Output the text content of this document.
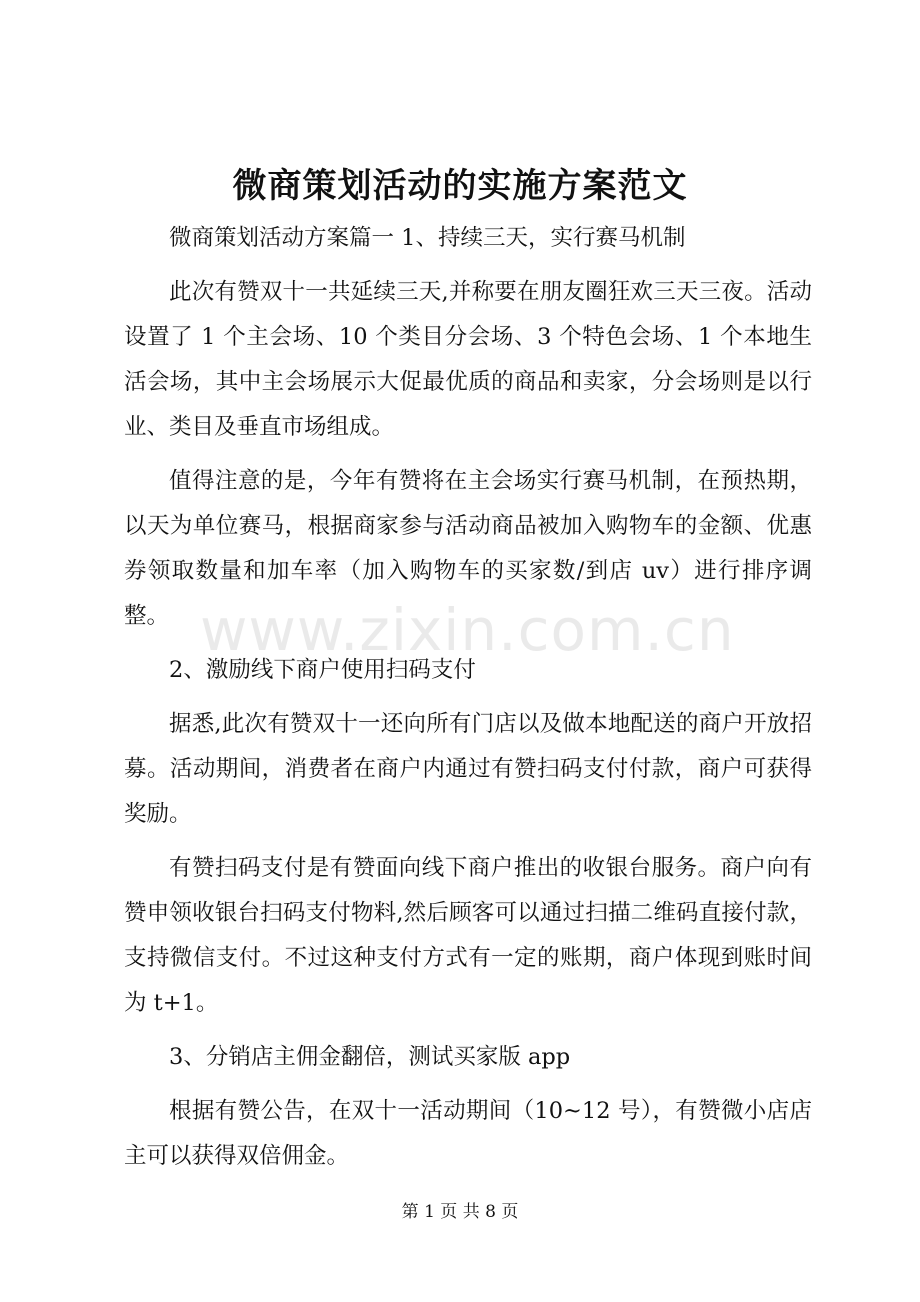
微商策划活动的实施方案范文

微商策划活动方案篇一 1、持续三天，实行赛马机制

此次有赞双十一共延续三天,并称要在朋友圈狂欢三天三夜。活动设置了 1 个主会场、10 个类目分会场、3 个特色会场、1 个本地生活会场，其中主会场展示大促最优质的商品和卖家，分会场则是以行业、类目及垂直市场组成。

值得注意的是，今年有赞将在主会场实行赛马机制，在预热期，以天为单位赛马，根据商家参与活动商品被加入购物车的金额、优惠券领取数量和加车率（加入购物车的买家数/到店 uv）进行排序调整。

2、激励线下商户使用扫码支付

据悉,此次有赞双十一还向所有门店以及做本地配送的商户开放招募。活动期间，消费者在商户内通过有赞扫码支付付款，商户可获得奖励。

有赞扫码支付是有赞面向线下商户推出的收银台服务。商户向有赞申领收银台扫码支付物料,然后顾客可以通过扫描二维码直接付款，支持微信支付。不过这种支付方式有一定的账期，商户体现到账时间为 t+1。

3、分销店主佣金翻倍，测试买家版 app

根据有赞公告，在双十一活动期间（10~12 号），有赞微小店店主可以获得双倍佣金。

www.zixin.com.cn
第 1 页 共 8 页
